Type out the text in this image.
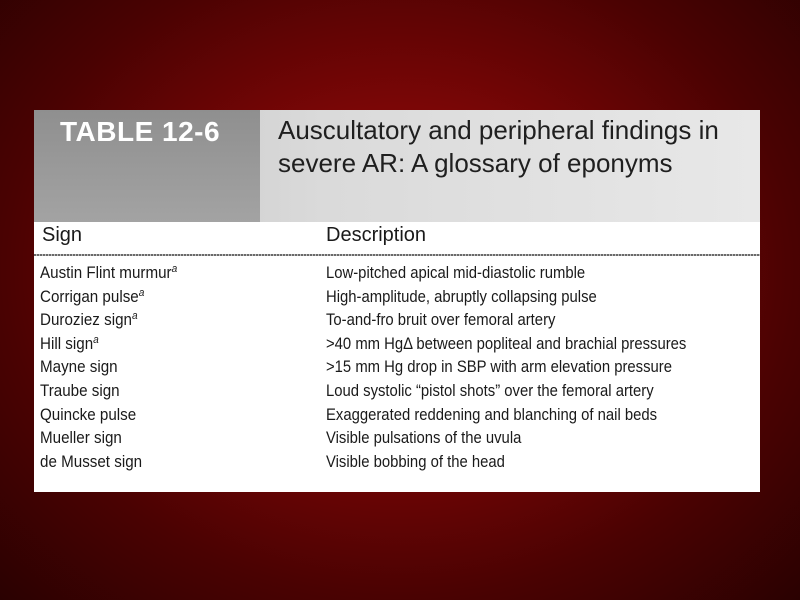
TABLE 12-6 Auscultatory and peripheral findings in severe AR: A glossary of eponyms
Sign	Description
Austin Flint murmur$^a$	Low-pitched apical mid-diastolic rumble
Corrigan pulse$^a$	High-amplitude, abruptly collapsing pulse
Duroziez sign$^a$	To-and-fro bruit over femoral artery
Hill sign$^a$	>40 mm HgΔ between popliteal and brachial pressures
Mayne sign	>15 mm Hg drop in SBP with arm elevation pressure
Traube sign	Loud systolic “pistol shots” over the femoral artery
Quincke pulse	Exaggerated reddening and blanching of nail beds
Mueller sign	Visible pulsations of the uvula
de Musset sign	Visible bobbing of the head
